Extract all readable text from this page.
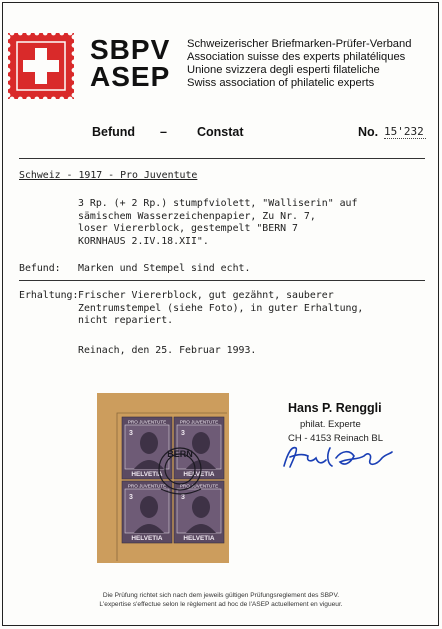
SBPV
ASEP
Schweizerischer Briefmarken-Prüfer-Verband
Association suisse des experts philatéliques
Unione svizzera degli esperti filateliche
Swiss association of philatelic experts
Befund – Constat	No. 15'232
Schweiz - 1917 - Pro Juventute
3 Rp. (+ 2 Rp.) stumpfviolett, "Walliserin" auf
sämischem Wasserzeichenpapier, Zu Nr. 7,
loser Viererblock, gestempelt "BERN 7
KORNHAUS 2.IV.18.XII".
Befund: Marken und Stempel sind echt.
Erhaltung: Frischer Viererblock, gut gezähnt, sauberer
Zentrumstempel (siehe Foto), in guter Erhaltung,
nicht repariert.
Reinach, den 25. Februar 1993.
PRO JUVENTUTE
HELVETIA
3
PRO JUVENTUTE
HELVETIA
3
PRO JUVENTUTE
HELVETIA
3
PRO JUVENTUTE
HELVETIA
3
BERN
Hans P. Renggli
philat. Experte
CH - 4153 Reinach BL
Die Prüfung richtet sich nach dem jeweils gültigen Prüfungsreglement des SBPV.
L'expertise s'effectue selon le règlement ad hoc de l'ASEP actuellement en vigueur.
